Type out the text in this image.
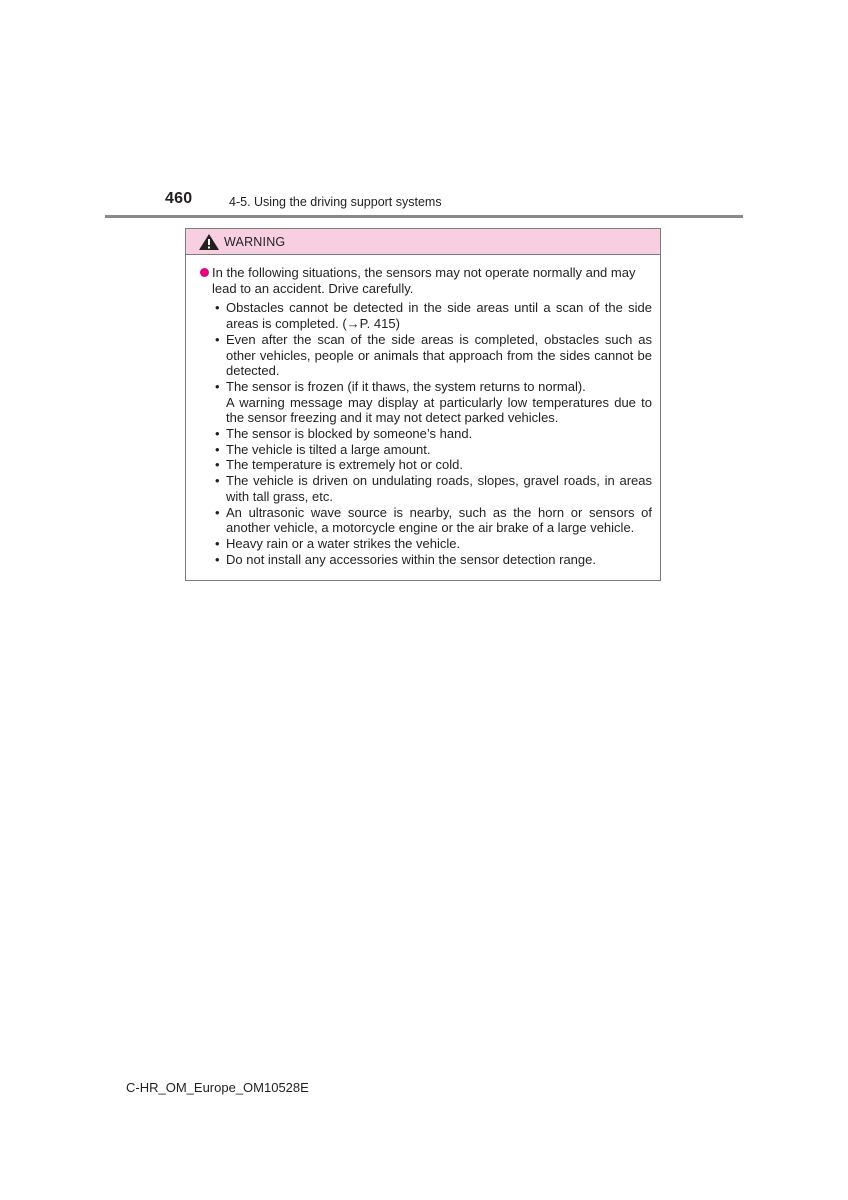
460	4-5. Using the driving support systems
WARNING
In the following situations, the sensors may not operate normally and may lead to an accident. Drive carefully.
• Obstacles cannot be detected in the side areas until a scan of the side areas is completed. (→P. 415)
• Even after the scan of the side areas is completed, obstacles such as other vehicles, people or animals that approach from the sides cannot be detected.
• The sensor is frozen (if it thaws, the system returns to normal).
A warning message may display at particularly low temperatures due to the sensor freezing and it may not detect parked vehicles.
• The sensor is blocked by someone’s hand.
• The vehicle is tilted a large amount.
• The temperature is extremely hot or cold.
• The vehicle is driven on undulating roads, slopes, gravel roads, in areas with tall grass, etc.
• An ultrasonic wave source is nearby, such as the horn or sensors of another vehicle, a motorcycle engine or the air brake of a large vehicle.
• Heavy rain or a water strikes the vehicle.
• Do not install any accessories within the sensor detection range.
C-HR_OM_Europe_OM10528E
